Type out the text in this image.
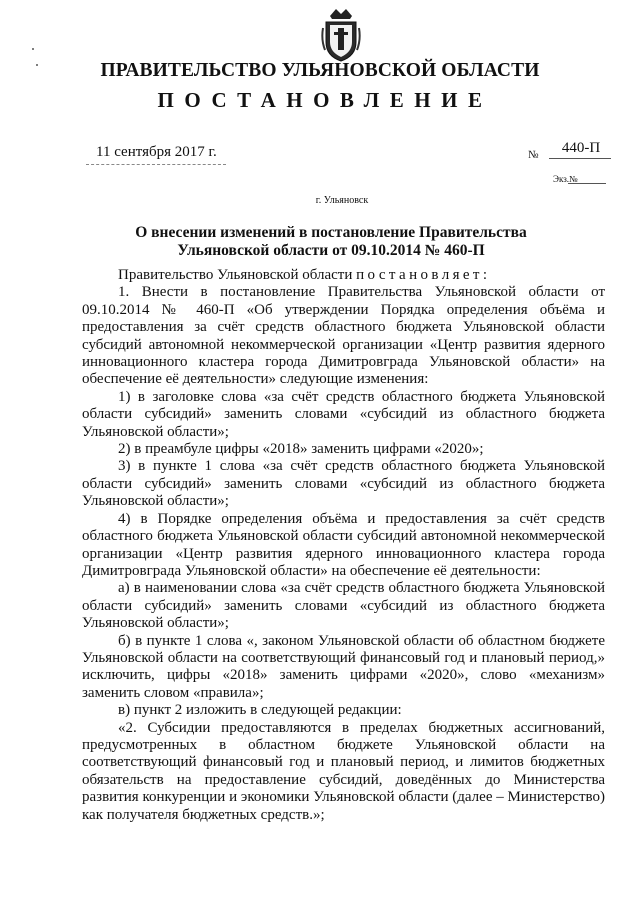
ПРАВИТЕЛЬСТВО УЛЬЯНОВСКОЙ ОБЛАСТИ
ПОСТАНОВЛЕНИЕ
11 сентября 2017 г.	№	440-П
Экз.№
г. Ульяновск
О внесении изменений в постановление Правительства
Ульяновской области от 09.10.2014 № 460-П

Правительство Ульяновской области постановляет:

1. Внести в постановление Правительства Ульяновской области от 09.10.2014 № 460-П «Об утверждении Порядка определения объёма и предоставления за счёт средств областного бюджета Ульяновской области субсидий автономной некоммерческой организации «Центр развития ядерного инновационного кластера города Димитровграда Ульяновской области» на обеспечение её деятельности» следующие изменения:

1) в заголовке слова «за счёт средств областного бюджета Ульяновской области субсидий» заменить словами «субсидий из областного бюджета Ульяновской области»;

2) в преамбуле цифры «2018» заменить цифрами «2020»;

3) в пункте 1 слова «за счёт средств областного бюджета Ульяновской области субсидий» заменить словами «субсидий из областного бюджета Ульяновской области»;

4) в Порядке определения объёма и предоставления за счёт средств областного бюджета Ульяновской области субсидий автономной некоммерческой организации «Центр развития ядерного инновационного кластера города Димитровграда Ульяновской области» на обеспечение её деятельности:

а) в наименовании слова «за счёт средств областного бюджета Ульяновской области субсидий» заменить словами «субсидий из областного бюджета Ульяновской области»;

б) в пункте 1 слова «, законом Ульяновской области об областном бюджете Ульяновской области на соответствующий финансовый год и плановый период,» исключить, цифры «2018» заменить цифрами «2020», слово «механизм» заменить словом «правила»;

в) пункт 2 изложить в следующей редакции:

«2. Субсидии предоставляются в пределах бюджетных ассигнований, предусмотренных в областном бюджете Ульяновской области на соответствующий финансовый год и плановый период, и лимитов бюджетных обязательств на предоставление субсидий, доведённых до Министерства развития конкуренции и экономики Ульяновской области (далее – Министерство) как получателя бюджетных средств.»;
